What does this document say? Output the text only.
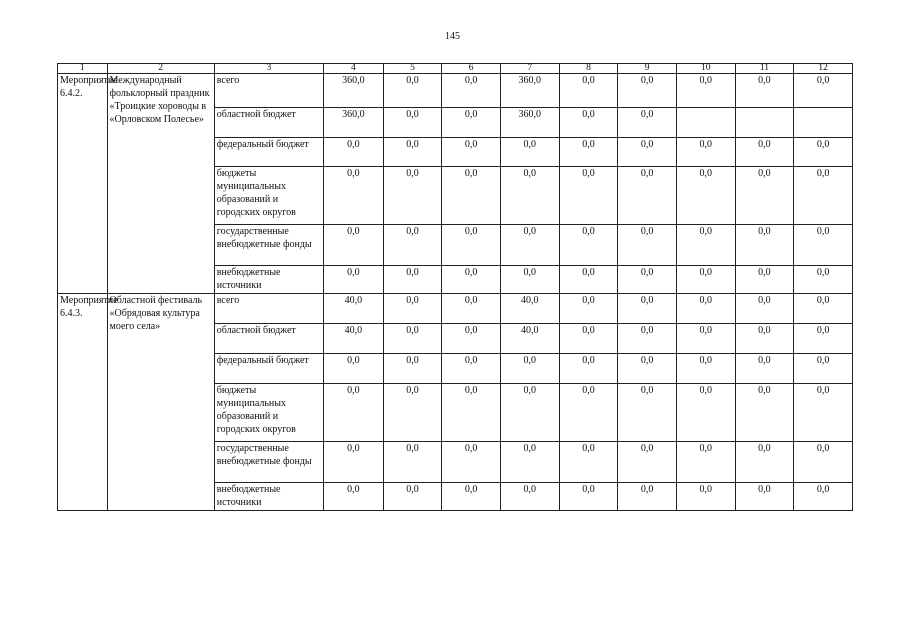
145
1	2	3	4	5	6	7	8	9	10	11	12
Мероприятие 6.4.2.	Международный фольклорный праздник «Троицкие хороводы в «Орловском Полесье»	всего	360,0	0,0	0,0	360,0	0,0	0,0	0,0	0,0	0,0
		областной бюджет	360,0	0,0	0,0	360,0	0,0	0,0			
		федеральный бюджет	0,0	0,0	0,0	0,0	0,0	0,0	0,0	0,0	0,0
		бюджеты муниципальных образований и городских округов	0,0	0,0	0,0	0,0	0,0	0,0	0,0	0,0	0,0
		государственные внебюджетные фонды	0,0	0,0	0,0	0,0	0,0	0,0	0,0	0,0	0,0
		внебюджетные источники	0,0	0,0	0,0	0,0	0,0	0,0	0,0	0,0	0,0
Мероприятие 6.4.3.	Областной фестиваль «Обрядовая культура моего села»	всего	40,0	0,0	0,0	40,0	0,0	0,0	0,0	0,0	0,0
		областной бюджет	40,0	0,0	0,0	40,0	0,0	0,0	0,0	0,0	0,0
		федеральный бюджет	0,0	0,0	0,0	0,0	0,0	0,0	0,0	0,0	0,0
		бюджеты муниципальных образований и городских округов	0,0	0,0	0,0	0,0	0,0	0,0	0,0	0,0	0,0
		государственные внебюджетные фонды	0,0	0,0	0,0	0,0	0,0	0,0	0,0	0,0	0,0
		внебюджетные источники	0,0	0,0	0,0	0,0	0,0	0,0	0,0	0,0	0,0
